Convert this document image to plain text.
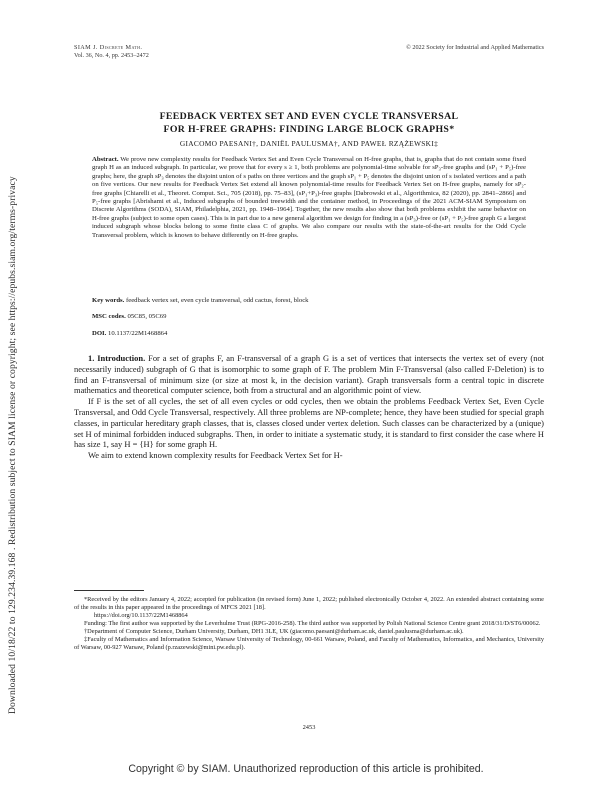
Downloaded 10/18/22 to 129.234.39.168 . Redistribution subject to SIAM license or copyright; see https://epubs.siam.org/terms-privacy
SIAM J. Discrete Math.
Vol. 36, No. 4, pp. 2453–2472
© 2022 Society for Industrial and Applied Mathematics
FEEDBACK VERTEX SET AND EVEN CYCLE TRANSVERSAL
FOR H-FREE GRAPHS: FINDING LARGE BLOCK GRAPHS*
GIACOMO PAESANI†, DANIËL PAULUSMA†, AND PAWEŁ RZĄŻEWSKI‡
Abstract. We prove new complexity results for Feedback Vertex Set and Even Cycle Transversal on H-free graphs, that is, graphs that do not contain some fixed graph H as an induced subgraph. In particular, we prove that for every s ≥ 1, both problems are polynomial-time solvable for sP₃-free graphs and (sP₁ + P₅)-free graphs; here, the graph sP₃ denotes the disjoint union of s paths on three vertices and the graph sP₁ + P₅ denotes the disjoint union of s isolated vertices and a path on five vertices. Our new results for Feedback Vertex Set extend all known polynomial-time results for Feedback Vertex Set on H-free graphs, namely for sP₂-free graphs [Chiarelli et al., Theoret. Comput. Sci., 705 (2018), pp. 75–83], (sP₁+P₃)-free graphs [Dabrowski et al., Algorithmica, 82 (2020), pp. 2841–2866] and P₅-free graphs [Abrishami et al., Induced subgraphs of bounded treewidth and the container method, in Proceedings of the 2021 ACM-SIAM Symposium on Discrete Algorithms (SODA), SIAM, Philadelphia, 2021, pp. 1948–1964]. Together, the new results also show that both problems exhibit the same behavior on H-free graphs (subject to some open cases). This is in part due to a new general algorithm we design for finding in a (sP₃)-free or (sP₁ + P₅)-free graph G a largest induced subgraph whose blocks belong to some finite class C of graphs. We also compare our results with the state-of-the-art results for the Odd Cycle Transversal problem, which is known to behave differently on H-free graphs.
Key words. feedback vertex set, even cycle transversal, odd cactus, forest, block

1. Introduction. For a set of graphs F, an F-transversal of a graph G is a set of vertices that intersects the vertex set of every (not necessarily induced) subgraph of G that is isomorphic to some graph of F. The problem Min F-Transversal (also called F-Deletion) is to find an F-transversal of minimum size (or size at most k, in the decision variant). Graph transversals form a central topic in discrete mathematics and theoretical computer science, both from a structural and an algorithmic point of view.

If F is the set of all cycles, the set of all even cycles or odd cycles, then we obtain the problems Feedback Vertex Set, Even Cycle Transversal, and Odd Cycle Transversal, respectively. All three problems are NP-complete; hence, they have been studied for special graph classes, in particular hereditary graph classes, that is, classes closed under vertex deletion. Such classes can be characterized by a (unique) set H of minimal forbidden induced subgraphs. Then, in order to initiate a systematic study, it is standard to first consider the case where H has size 1, say H = {H} for some graph H.

We aim to extend known complexity results for Feedback Vertex Set for H-

*Received by the editors January 4, 2022; accepted for publication (in revised form) June 1, 2022; published electronically October 4, 2022. An extended abstract containing some of the results in this paper appeared in the proceedings of MFCS 2021 [18].

https://doi.org/10.1137/22M1468864

Funding: The first author was supported by the Leverhulme Trust (RPG-2016-258). The third author was supported by Polish National Science Centre grant 2018/31/D/ST6/00062.

†Department of Computer Science, Durham University, Durham, DH1 3LE, UK (giacomo.paesani@durham.ac.uk, daniel.paulusma@durham.ac.uk).

‡Faculty of Mathematics and Information Science, Warsaw University of Technology, 00-661 Warsaw, Poland, and Faculty of Mathematics, Informatics, and Mechanics, University of Warsaw, 00-927 Warsaw, Poland (p.rzazewski@mini.pw.edu.pl).

2453
Copyright © by SIAM. Unauthorized reproduction of this article is prohibited.
MSC codes. 05C85, 05C69
DOI. 10.1137/22M1468864
